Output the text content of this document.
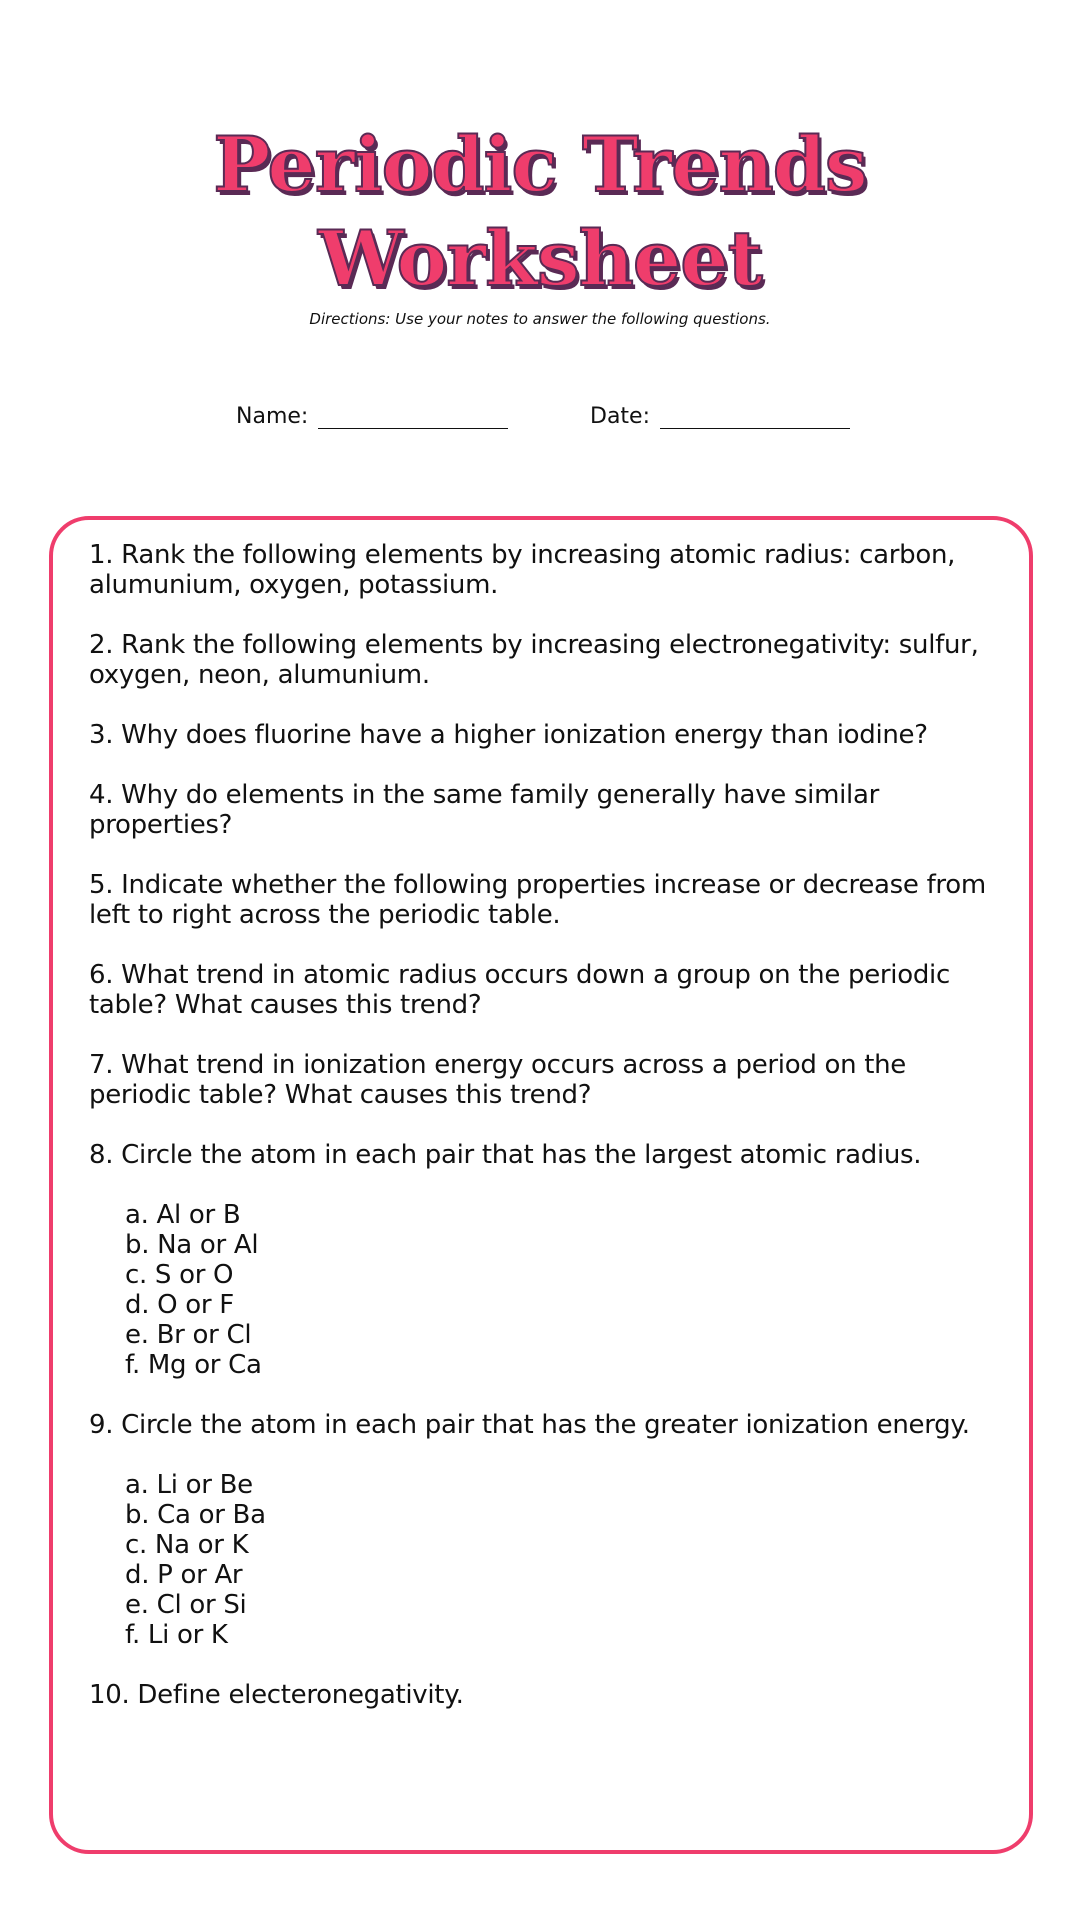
Periodic Trends
Worksheet
Directions: Use your notes to answer the following questions.
Name:	Date:
1. Rank the following elements by increasing atomic radius: carbon, alumunium, oxygen, potassium.
2. Rank the following elements by increasing electronegativity: sulfur, oxygen, neon, alumunium.
3. Why does fluorine have a higher ionization energy than iodine?
4. Why do elements in the same family generally have similar properties?
5. Indicate whether the following properties increase or decrease from left to right across the periodic table.
6. What trend in atomic radius occurs down a group on the periodic table? What causes this trend?
7. What trend in ionization energy occurs across a period on the periodic table? What causes this trend?
8. Circle the atom in each pair that has the largest atomic radius.
a. Al or B
b. Na or Al
c. S or O
d. O or F
e. Br or Cl
f. Mg or Ca
9. Circle the atom in each pair that has the greater ionization energy.
a. Li or Be
b. Ca or Ba
c. Na or K
d. P or Ar
e. Cl or Si
f. Li or K
10. Define electeronegativity.
